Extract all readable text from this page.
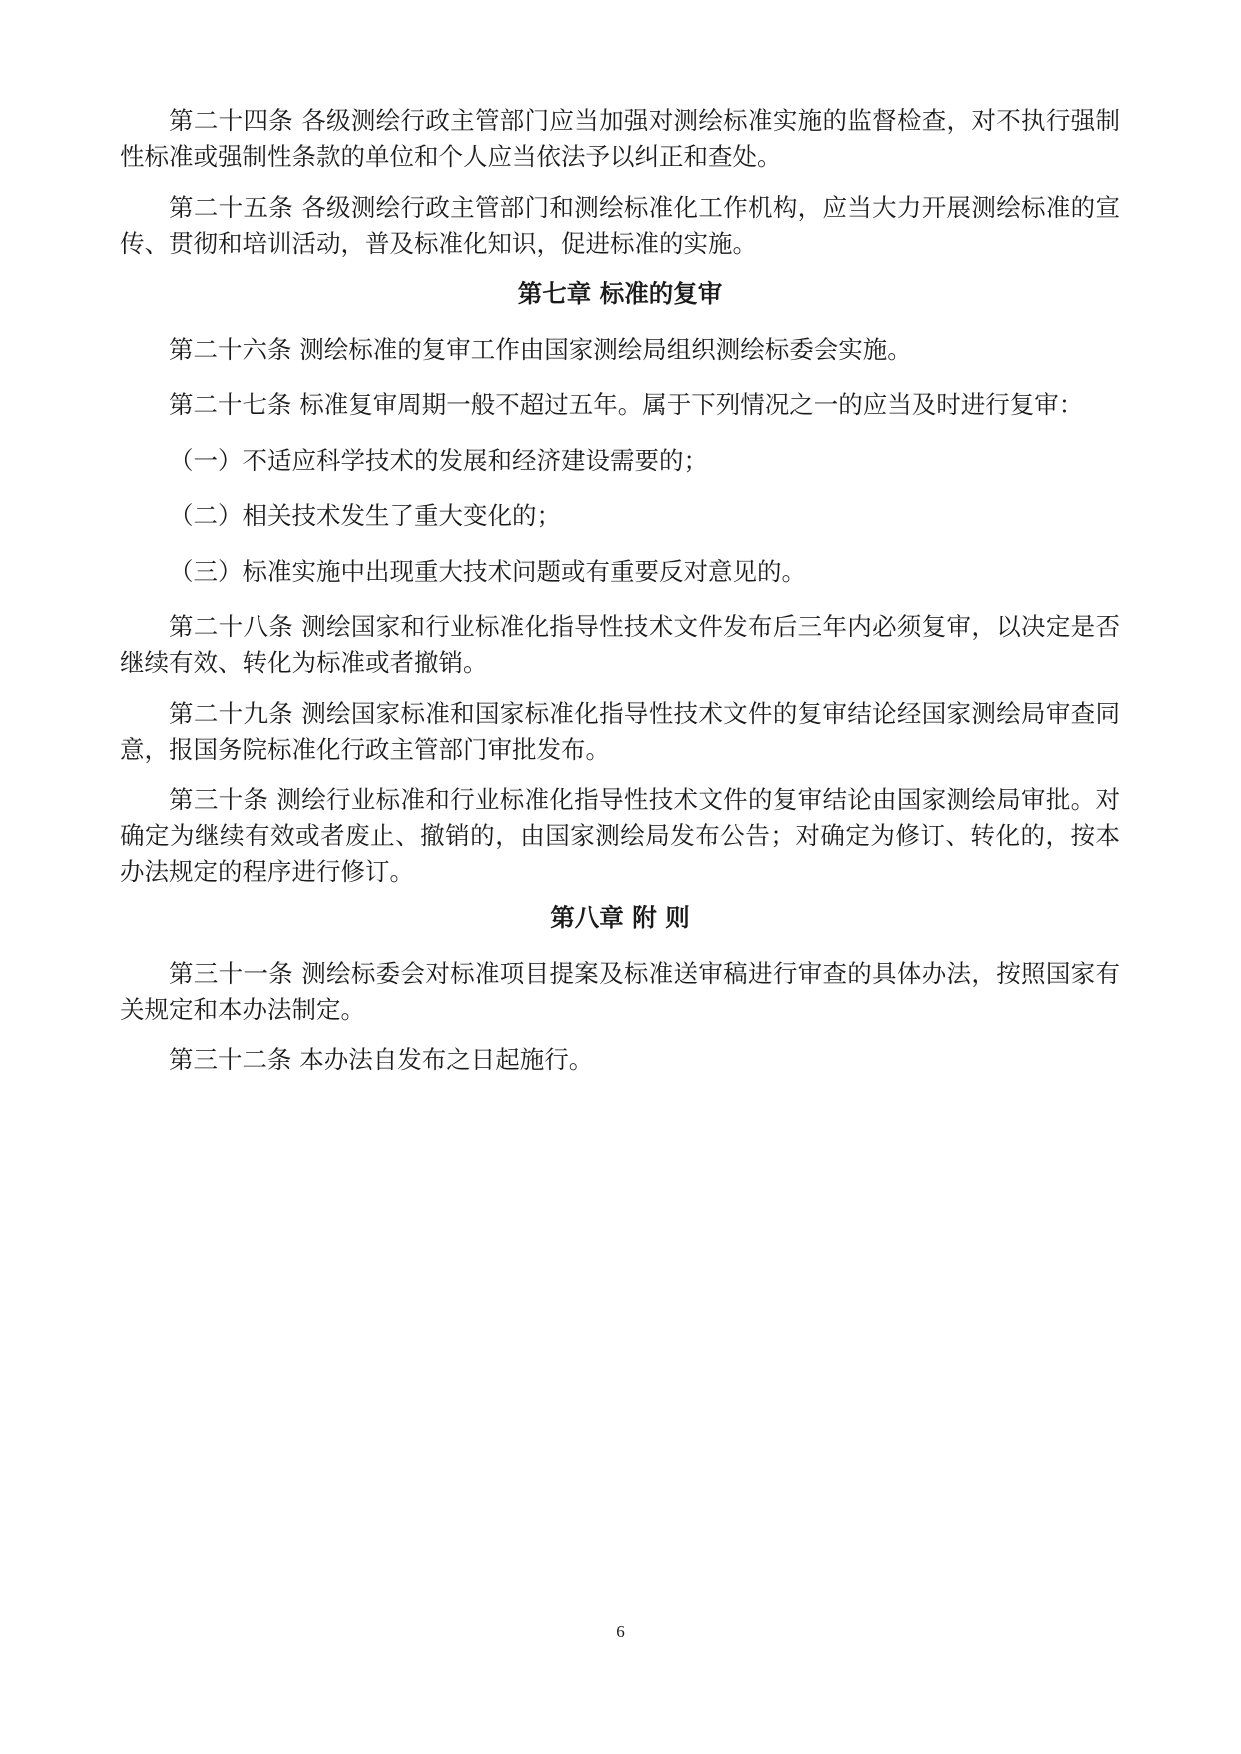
第二十四条 各级测绘行政主管部门应当加强对测绘标准实施的监督检查，对不执行强制性标准或强制性条款的单位和个人应当依法予以纠正和查处。

第二十五条 各级测绘行政主管部门和测绘标准化工作机构，应当大力开展测绘标准的宣传、贯彻和培训活动，普及标准化知识，促进标准的实施。

第七章 标准的复审

第二十六条 测绘标准的复审工作由国家测绘局组织测绘标委会实施。

第二十七条 标准复审周期一般不超过五年。属于下列情况之一的应当及时进行复审：

（一）不适应科学技术的发展和经济建设需要的；

（二）相关技术发生了重大变化的；

（三）标准实施中出现重大技术问题或有重要反对意见的。

第二十八条 测绘国家和行业标准化指导性技术文件发布后三年内必须复审，以决定是否继续有效、转化为标准或者撤销。

第二十九条 测绘国家标准和国家标准化指导性技术文件的复审结论经国家测绘局审查同意，报国务院标准化行政主管部门审批发布。

第三十条 测绘行业标准和行业标准化指导性技术文件的复审结论由国家测绘局审批。对确定为继续有效或者废止、撤销的，由国家测绘局发布公告；对确定为修订、转化的，按本办法规定的程序进行修订。

第八章 附 则

第三十一条 测绘标委会对标准项目提案及标准送审稿进行审查的具体办法，按照国家有关规定和本办法制定。

第三十二条 本办法自发布之日起施行。

6
